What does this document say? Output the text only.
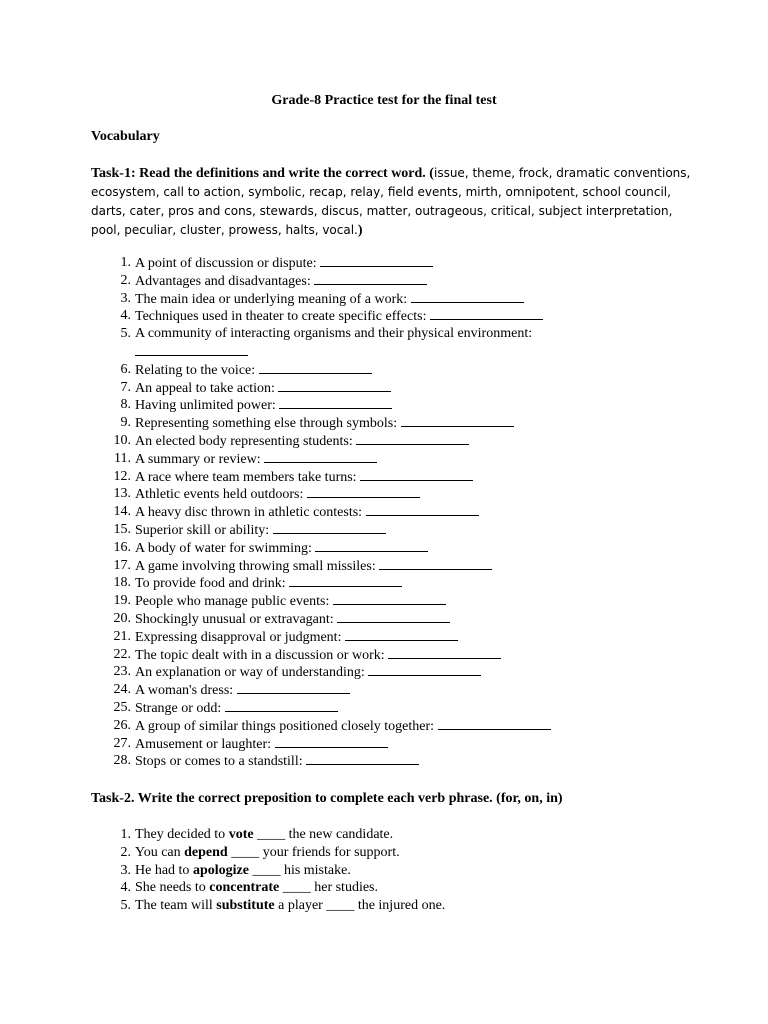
Grade-8 Practice test for the final test
Vocabulary
Task-1: Read the definitions and write the correct word. (issue, theme, frock, dramatic conventions, ecosystem, call to action, symbolic, recap, relay, field events, mirth, omnipotent, school council, darts, cater, pros and cons, stewards, discus, matter, outrageous, critical, subject interpretation, pool, peculiar, cluster, prowess, halts, vocal.)
1. A point of discussion or dispute:
2. Advantages and disadvantages:
3. The main idea or underlying meaning of a work:
4. Techniques used in theater to create specific effects:
5. A community of interacting organisms and their physical environment:
6. Relating to the voice:
7. An appeal to take action:
8. Having unlimited power:
9. Representing something else through symbols:
10. An elected body representing students:
11. A summary or review:
12. A race where team members take turns:
13. Athletic events held outdoors:
14. A heavy disc thrown in athletic contests:
15. Superior skill or ability:
16. A body of water for swimming:
17. A game involving throwing small missiles:
18. To provide food and drink:
19. People who manage public events:
20. Shockingly unusual or extravagant:
21. Expressing disapproval or judgment:
22. The topic dealt with in a discussion or work:
23. An explanation or way of understanding:
24. A woman's dress:
25. Strange or odd:
26. A group of similar things positioned closely together:
27. Amusement or laughter:
28. Stops or comes to a standstill:
Task-2. Write the correct preposition to complete each verb phrase. (for, on, in)
1. They decided to vote ____ the new candidate.
2. You can depend ____ your friends for support.
3. He had to apologize ____ his mistake.
4. She needs to concentrate ____ her studies.
5. The team will substitute a player ____ the injured one.
